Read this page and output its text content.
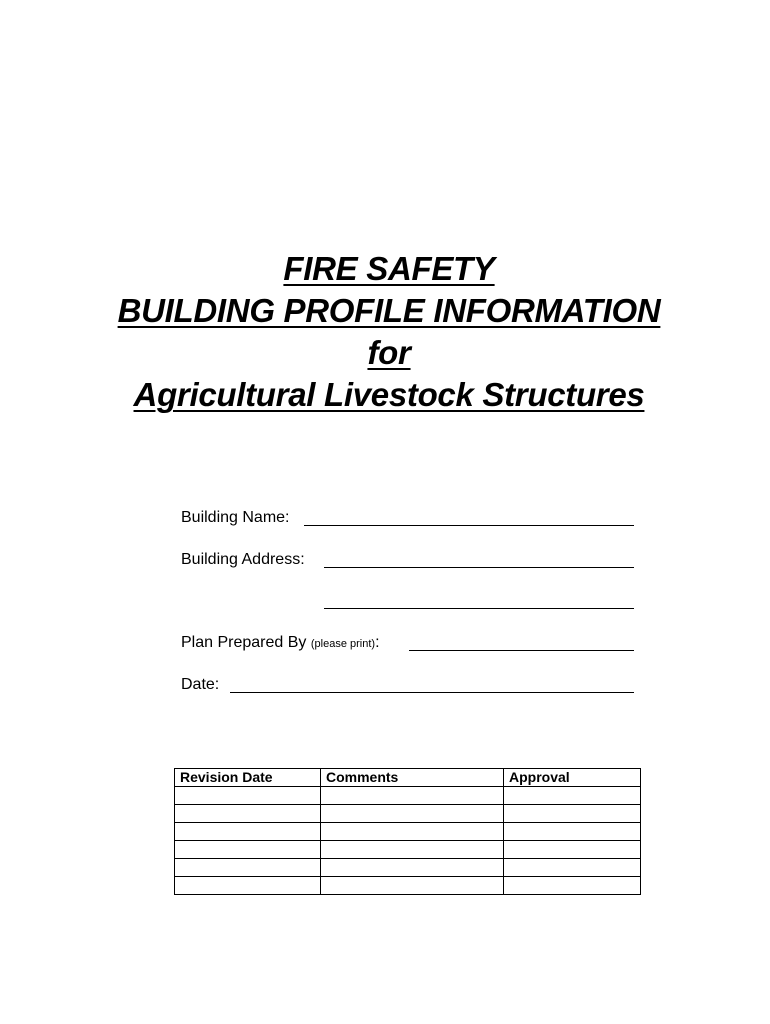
FIRE SAFETY
BUILDING PROFILE INFORMATION
for
Agricultural Livestock Structures
Building Name:
Building Address:
Plan Prepared By (please print):
Date:
Revision Date	Comments	Approval
